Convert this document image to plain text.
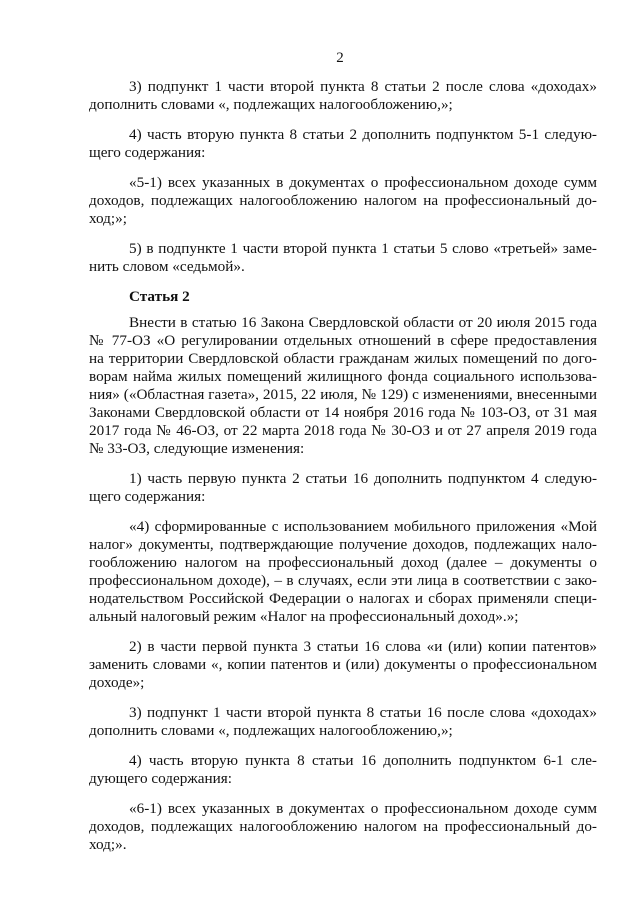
2
3) подпункт 1 части второй пункта 8 статьи 2 после слова «доходах»
дополнить словами «, подлежащих налогообложению,»;
4) часть вторую пункта 8 статьи 2 дополнить подпунктом 5-1 следую-
щего содержания:
«5-1) всех указанных в документах о профессиональном доходе сумм
доходов, подлежащих налогообложению налогом на профессиональный до-
ход;»;
5) в подпункте 1 части второй пункта 1 статьи 5 слово «третьей» заме-
нить словом «седьмой».
Статья 2
Внести в статью 16 Закона Свердловской области от 20 июля 2015 года
№ 77-ОЗ «О регулировании отдельных отношений в сфере предоставления
на территории Свердловской области гражданам жилых помещений по дого-
ворам найма жилых помещений жилищного фонда социального использова-
ния» («Областная газета», 2015, 22 июля, № 129) с изменениями, внесенными
Законами Свердловской области от 14 ноября 2016 года № 103-ОЗ, от 31 мая
2017 года № 46-ОЗ, от 22 марта 2018 года № 30-ОЗ и от 27 апреля 2019 года
№ 33-ОЗ, следующие изменения:
1) часть первую пункта 2 статьи 16 дополнить подпунктом 4 следую-
щего содержания:
«4) сформированные с использованием мобильного приложения «Мой
налог» документы, подтверждающие получение доходов, подлежащих нало-
гообложению налогом на профессиональный доход (далее – документы о
профессиональном доходе), – в случаях, если эти лица в соответствии с зако-
нодательством Российской Федерации о налогах и сборах применяли специ-
альный налоговый режим «Налог на профессиональный доход».»;
2) в части первой пункта 3 статьи 16 слова «и (или) копии патентов»
заменить словами «, копии патентов и (или) документы о профессиональном
доходе»;
3) подпункт 1 части второй пункта 8 статьи 16 после слова «доходах»
дополнить словами «, подлежащих налогообложению,»;
4) часть вторую пункта 8 статьи 16 дополнить подпунктом 6-1 сле-
дующего содержания:
«6-1) всех указанных в документах о профессиональном доходе сумм
доходов, подлежащих налогообложению налогом на профессиональный до-
ход;».
